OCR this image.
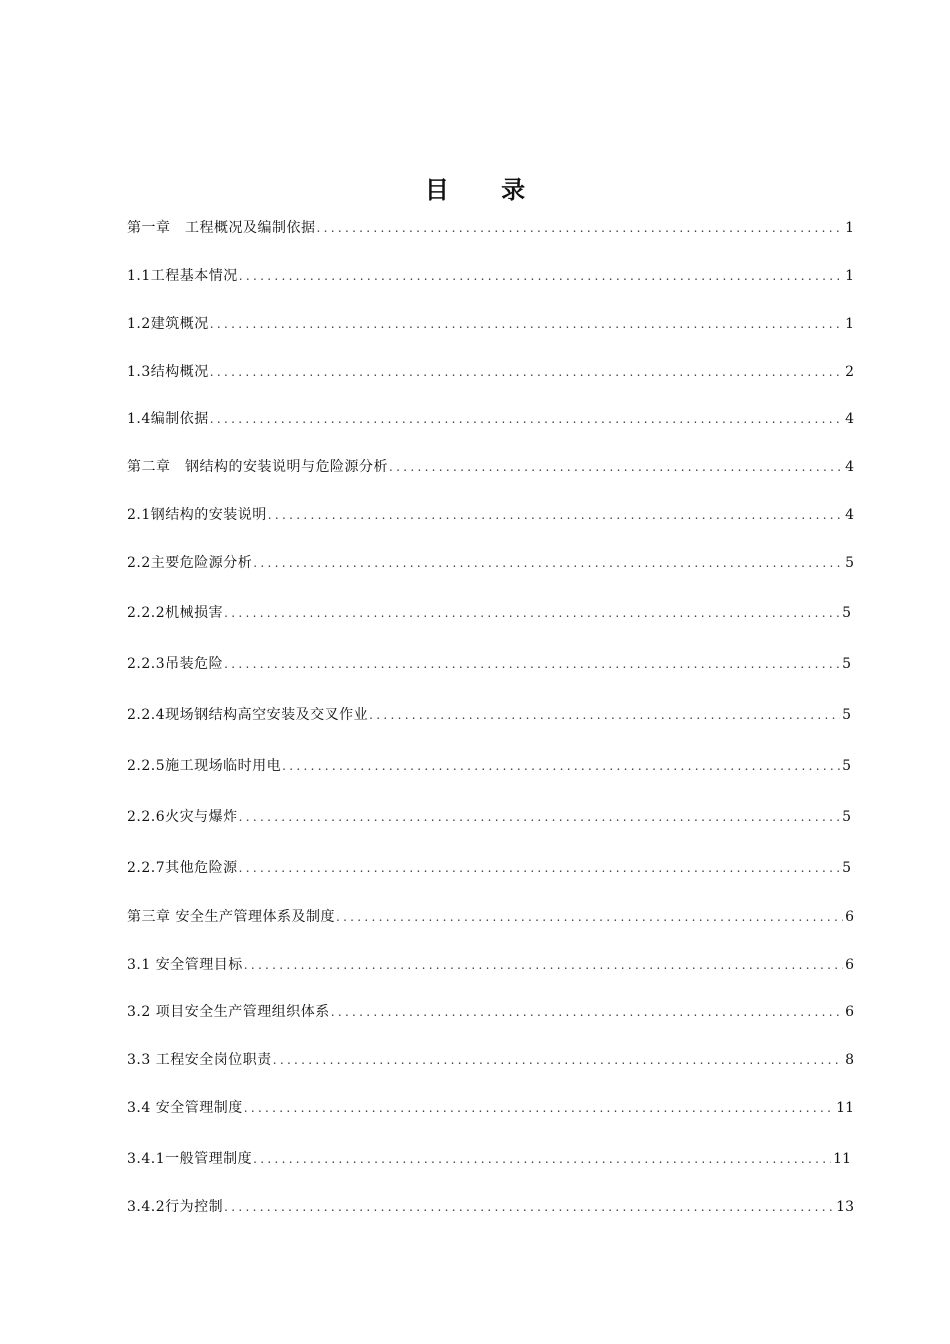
目 录
第一章　工程概况及编制依据 .....	1
1.1工程基本情况 .....	1
1.2建筑概况 .....	1
1.3结构概况 .....	2
1.4编制依据 .....	4
第二章　钢结构的安装说明与危险源分析 .....	4
2.1钢结构的安装说明 .....	4
2.2主要危险源分析 .....	5
2.2.2机械损害 .....	5
2.2.3吊装危险 .....	5
2.2.4现场钢结构高空安装及交叉作业 .....	5
2.2.5施工现场临时用电 .....	5
2.2.6火灾与爆炸 .....	5
2.2.7其他危险源 .....	5
第三章 安全生产管理体系及制度 .....	6
3.1 安全管理目标 .....	6
3.2 项目安全生产管理组织体系 .....	6
3.3 工程安全岗位职责 .....	8
3.4 安全管理制度 .....	11
3.4.1一般管理制度 .....	11
3.4.2行为控制 .....	13
